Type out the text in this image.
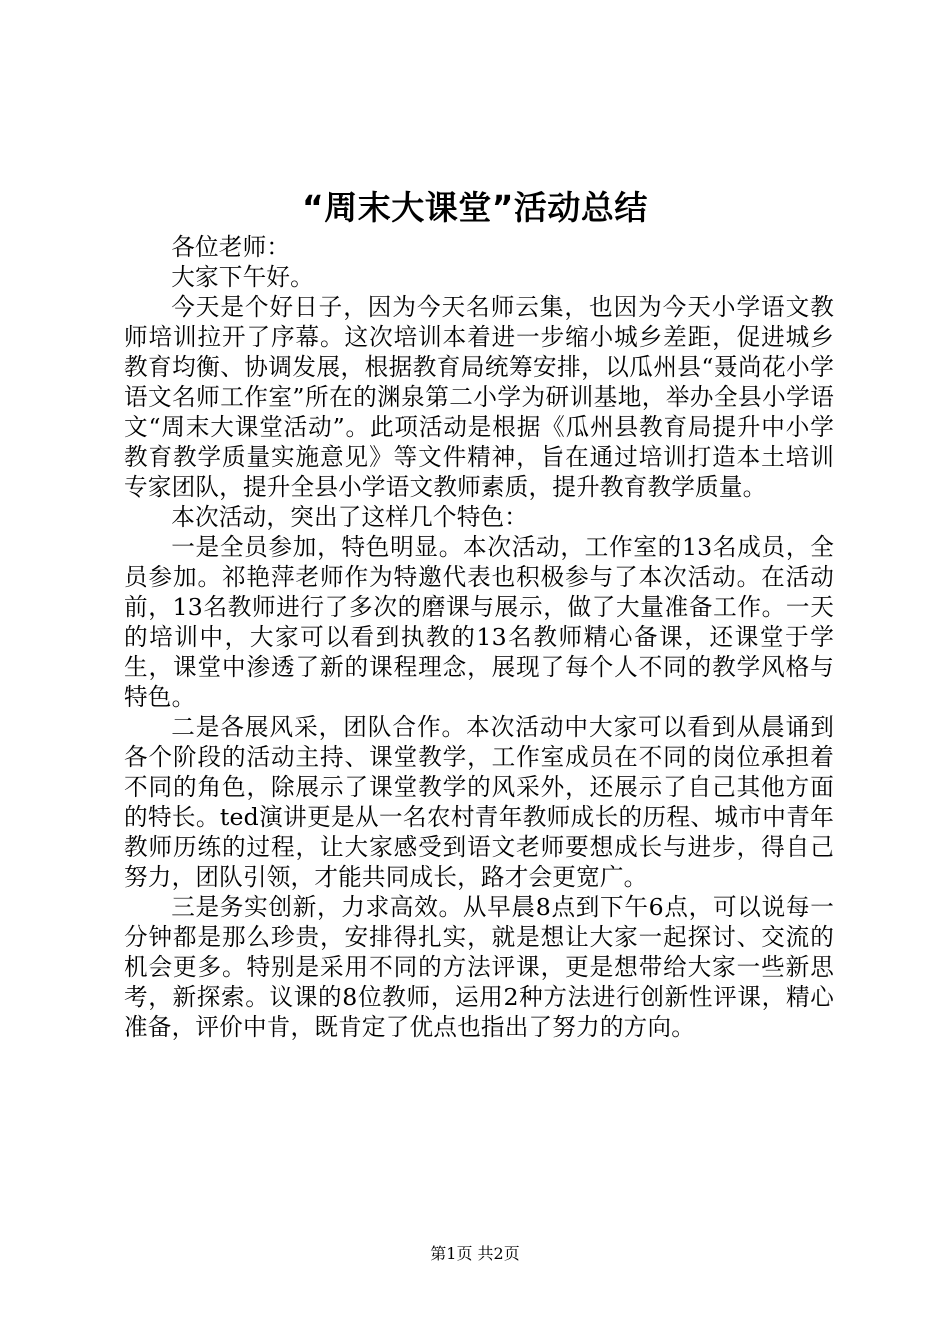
“周末大课堂”活动总结

各位老师：

大家下午好。

今天是个好日子，因为今天名师云集，也因为今天小学语文教师培训拉开了序幕。这次培训本着进一步缩小城乡差距，促进城乡教育均衡、协调发展，根据教育局统筹安排，以瓜州县“聂尚花小学语文名师工作室”所在的渊泉第二小学为研训基地，举办全县小学语文“周末大课堂活动”。此项活动是根据《瓜州县教育局提升中小学教育教学质量实施意见》等文件精神，旨在通过培训打造本土培训专家团队，提升全县小学语文教师素质，提升教育教学质量。

本次活动，突出了这样几个特色：

一是全员参加，特色明显。本次活动，工作室的13名成员，全员参加。祁艳萍老师作为特邀代表也积极参与了本次活动。在活动前，13名教师进行了多次的磨课与展示，做了大量准备工作。一天的培训中，大家可以看到执教的13名教师精心备课，还课堂于学生，课堂中渗透了新的课程理念，展现了每个人不同的教学风格与特色。

二是各展风采，团队合作。本次活动中大家可以看到从晨诵到各个阶段的活动主持、课堂教学，工作室成员在不同的岗位承担着不同的角色，除展示了课堂教学的风采外，还展示了自己其他方面的特长。ted演讲更是从一名农村青年教师成长的历程、城市中青年教师历练的过程，让大家感受到语文老师要想成长与进步，得自己努力，团队引领，才能共同成长，路才会更宽广。

三是务实创新，力求高效。从早晨8点到下午6点，可以说每一分钟都是那么珍贵，安排得扎实，就是想让大家一起探讨、交流的机会更多。特别是采用不同的方法评课，更是想带给大家一些新思考，新探索。议课的8位教师，运用2种方法进行创新性评课，精心准备，评价中肯，既肯定了优点也指出了努力的方向。

第1页 共2页
